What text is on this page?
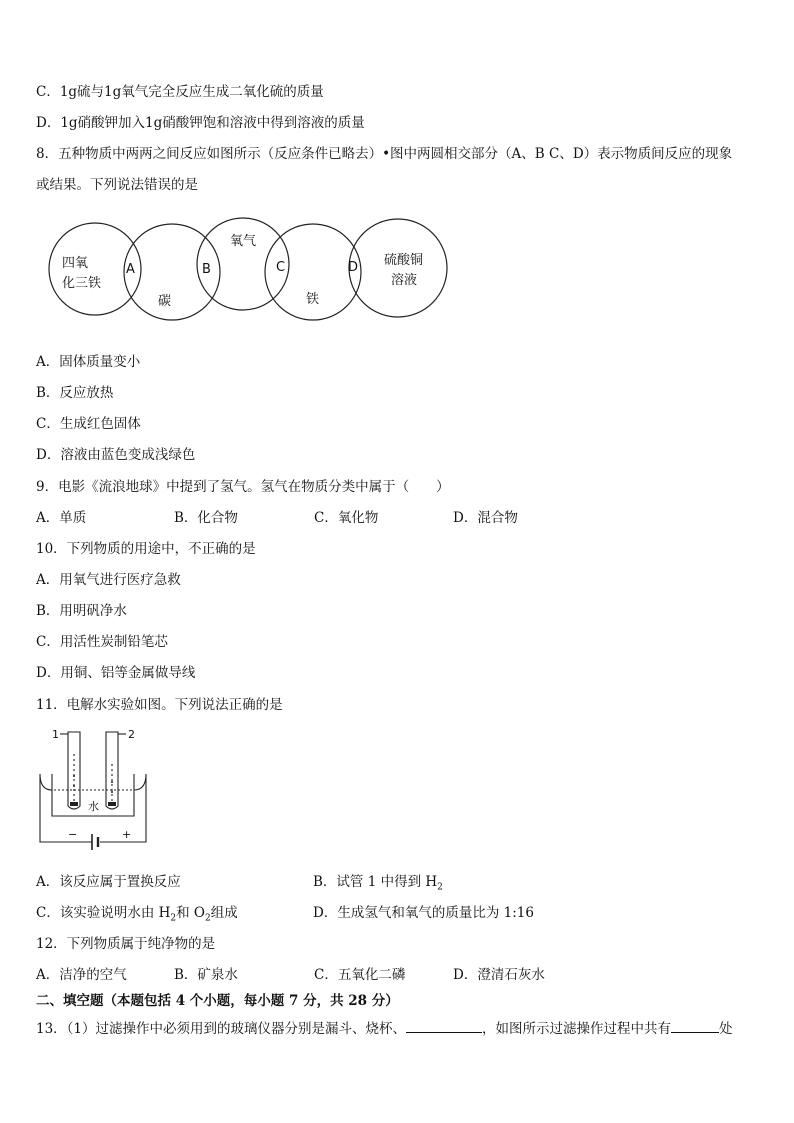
C．1g硫与1g氧气完全反应生成二氧化硫的质量
D．1g硝酸钾加入1g硝酸钾饱和溶液中得到溶液的质量
8．五种物质中两两之间反应如图所示（反应条件已略去）•图中两圆相交部分（A、B C、D）表示物质间反应的现象
或结果。下列说法错误的是
四氧
化三铁
A	B
氧气
C	D
碳	铁
硫酸铜
溶液
A．固体质量变小
B．反应放热
C．生成红色固体
D．溶液由蓝色变成浅绿色
9．电影《流浪地球》中提到了氢气。氢气在物质分类中属于（　　）
A．单质	B．化合物	C．氧化物	D．混合物
10．下列物质的用途中，不正确的是
A．用氧气进行医疗急救
B．用明矾净水
C．用活性炭制铅笔芯
D．用铜、铝等金属做导线
11．电解水实验如图。下列说法正确的是
1	2
水
−	+
A．该反应属于置换反应	B．试管 1 中得到 $H_2$
C．该实验说明水由 $H_2$和 $O_2$组成	D．生成氢气和氧气的质量比为 1:16
12．下列物质属于纯净物的是
A．洁净的空气	B．矿泉水	C．五氧化二磷	D．澄清石灰水
二、填空题（本题包括 4 个小题，每小题 7 分，共 28 分）
13．（1）过滤操作中必须用到的玻璃仪器分别是漏斗、烧杯、	，如图所示过滤操作过程中共有	处
